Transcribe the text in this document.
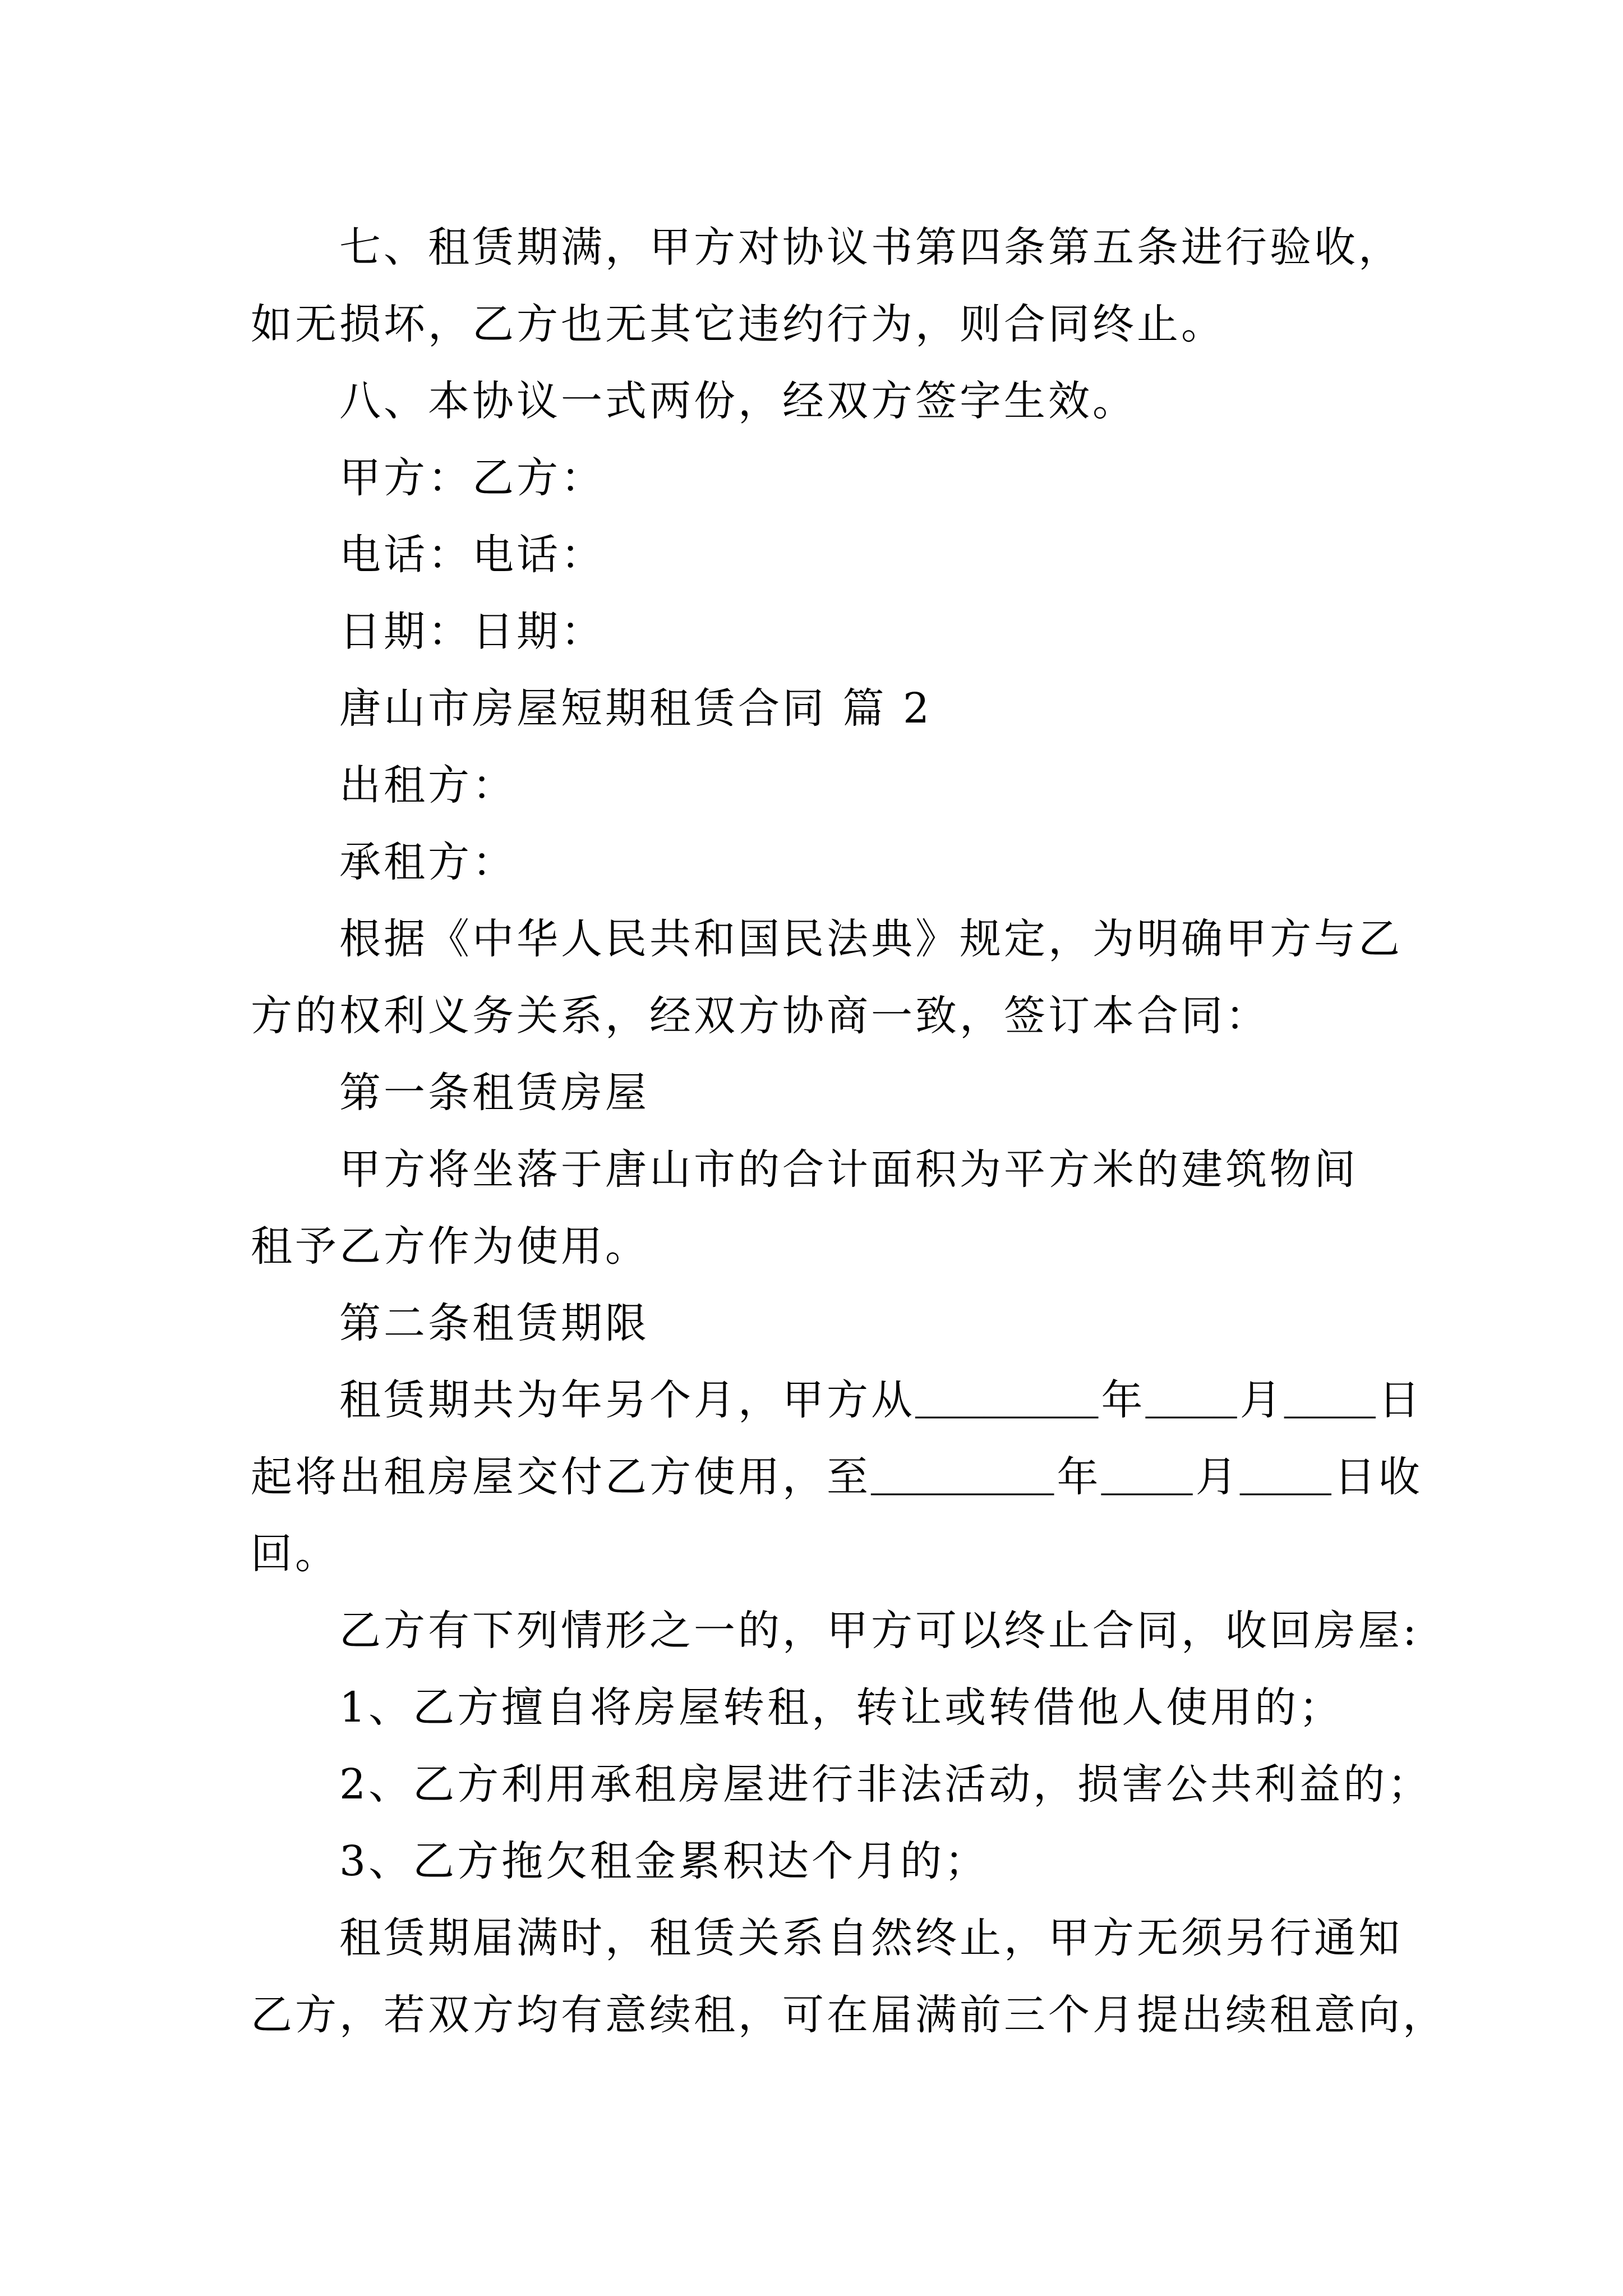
七、租赁期满，甲方对协议书第四条第五条进行验收，
如无损坏，乙方也无其它违约行为，则合同终止。
八、本协议一式两份，经双方签字生效。
甲方：乙方：
电话：电话：
日期：日期：
唐山市房屋短期租赁合同 篇 2
出租方：
承租方：
根据《中华人民共和国民法典》规定，为明确甲方与乙
方的权利义务关系，经双方协商一致，签订本合同：
第一条租赁房屋
甲方将坐落于唐山市的合计面积为平方米的建筑物间
租予乙方作为使用。
第二条租赁期限
租赁期共为年另个月，甲方从________年____月____日
起将出租房屋交付乙方使用，至________年____月____日收
回。
乙方有下列情形之一的，甲方可以终止合同，收回房屋:
1、乙方擅自将房屋转租，转让或转借他人使用的；
2、乙方利用承租房屋进行非法活动，损害公共利益的；
3、乙方拖欠租金累积达个月的；
租赁期届满时，租赁关系自然终止，甲方无须另行通知
乙方，若双方均有意续租，可在届满前三个月提出续租意向，
